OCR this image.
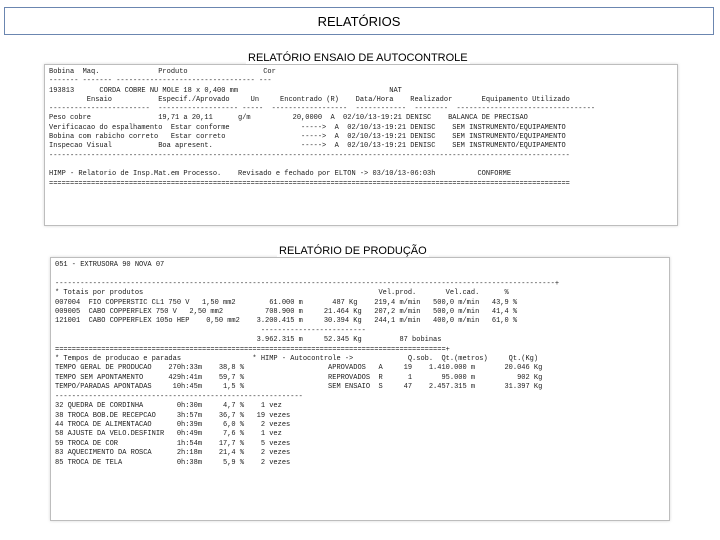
RELATÓRIOS
RELATÓRIO ENSAIO DE AUTOCONTROLE
Bobina  Maq.              Produto                  Cor
------- ------- --------------------------------- ---
193813      CORDA COBRE NU MOLE 18 x 0,400 mm                                    NAT
Ensaio           Especif./Aprovado     Un     Encontrado (R)    Data/Hora    Realizador       Equipamento Utilizado
------------------------  ------------------- -----  ------------------  ------------  --------  ---------------------------------
Peso cobre                19,71 a 20,11      g/m          20,0000  A  02/10/13-19:21 DENISC    BALANCA DE PRECISAO
Verificacao do espalhamento  Estar conforme                 ----->  A  02/10/13-19:21 DENISC    SEM INSTRUMENTO/EQUIPAMENTO
Bobina com rabicho correto   Estar correto                  ----->  A  02/10/13-19:21 DENISC    SEM INSTRUMENTO/EQUIPAMENTO
Inspecao Visual           Boa apresent.                     ----->  A  02/10/13-19:21 DENISC    SEM INSTRUMENTO/EQUIPAMENTO
----------------------------------------------------------------------------------------------------------------------------

HIMP - Relatorio de Insp.Mat.em Processo.    Revisado e fechado por ELTON -> 03/10/13-06:03h          CONFORME
============================================================================================================================

RELATÓRIO DE PRODUÇÃO
051 - EXTRUSORA 90 NOVA 07

-----------------------------------------------------------------------------------------------------------------------+
* Totais por produtos                                                        Vel.prod.       Vel.cad.      %
007004  FIO COPPERSTIC CL1 750 V   1,50 mm2        61.000 m       487 Kg    219,4 m/min   500,0 m/min   43,9 %
009005  CABO COPPERFLEX 750 V   2,50 mm2          708.900 m     21.464 Kg   207,2 m/min   500,0 m/min   41,4 %
121001  CABO COPPERFLEX 105o HEP    0,50 mm2    3.200.415 m     30.394 Kg   244,1 m/min   400,0 m/min   61,0 %
-------------------------
3.962.315 m     52.345 Kg         87 bobinas
=============================================================================================+
* Tempos de producao e paradas                 * HIMP - Autocontrole ->             Q.sob.  Qt.(metros)     Qt.(Kg)
TEMPO GERAL DE PRODUCAO    270h:33m    38,8 %                    APROVADOS   A     19    1.410.000 m       20.046 Kg
TEMPO SEM APONTAMENTO      429h:41m    59,7 %                    REPROVADOS  R      1       95.000 m          902 Kg
TEMPO/PARADAS APONTADAS     10h:45m     1,5 %                    SEM ENSAIO  S     47    2.457.315 m       31.397 Kg
-----------------------------------------------------------
32 QUEDRA DE CORDINHA        0h:30m     4,7 %    1 vez
38 TROCA BOB.DE RECEPCAO     3h:57m    36,7 %   19 vezes
44 TROCA DE ALIMENTACAO      0h:39m     6,0 %    2 vezes
58 AJUSTE DA VELO.DESFINIR   0h:49m     7,6 %    1 vez
59 TROCA DE COR              1h:54m    17,7 %    5 vezes
83 AQUECIMENTO DA ROSCA      2h:18m    21,4 %    2 vezes
85 TROCA DE TELA             0h:38m     5,9 %    2 vezes
